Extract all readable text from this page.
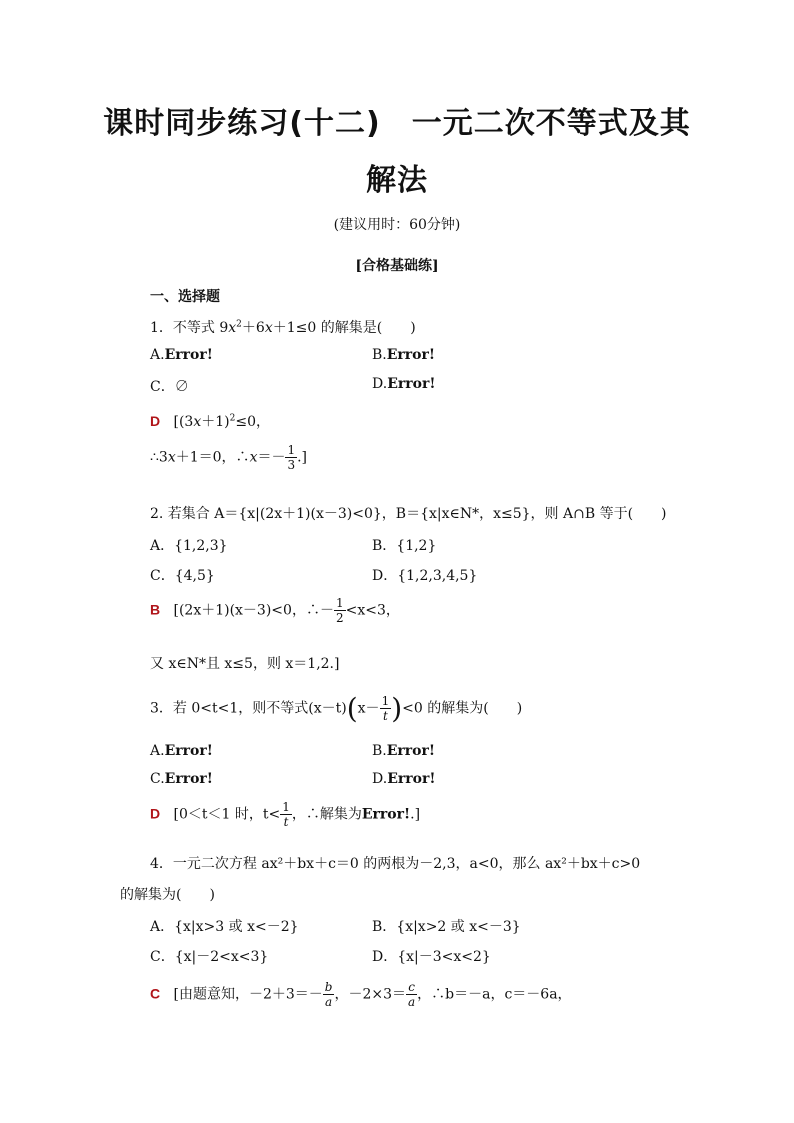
课时同步练习(十二)　一元二次不等式及其
解法
(建议用时：60分钟)
[合格基础练]
一、选择题
1．不等式 $9x^2+6x+1\le 0$ 的解集是(　　)
A.Error!	B.Error!
C．∅	D.Error!
D [$(3x+1)^2\le 0$，
∴3x＋1＝0，∴x＝－ $\frac{1}{3}$ .]
2. 若集合 A＝{x|(2x＋1)(x－3)<0}，B＝{x|x∈N*，x≤5}，则 A∩B 等于(　　)
A．{1,2,3}	B．{1,2}
C．{4,5}	D．{1,2,3,4,5}
B [(2x＋1)(x－3)<0，∴－ $\frac{1}{2} <x<3$，
又 x∈N*且 x≤5，则 x＝1,2.]
3．若 0<t<1，则不等式$(x-t)(x- \frac{1}{t} )<0$ 的解集为(　　)
A.Error!	B.Error!
C.Error!	D.Error!
D [0＜t＜1 时，$t< \frac{1}{t}$ ，∴解集为Error!.]
4．一元二次方程 ax²＋bx＋c＝0 的两根为－2,3，a<0，那么 ax²＋bx＋c>0
的解集为(　　)
A．{x|x>3 或 x<－2}	B．{x|x>2 或 x<－3}
C．{x|－2<x<3}	D．{x|－3<x<2}
C [由题意知，$-2+3=- \frac{b}{a}$ ，$-2\times 3= \frac{c}{a}$ ，∴b＝－a，c＝－6a，
